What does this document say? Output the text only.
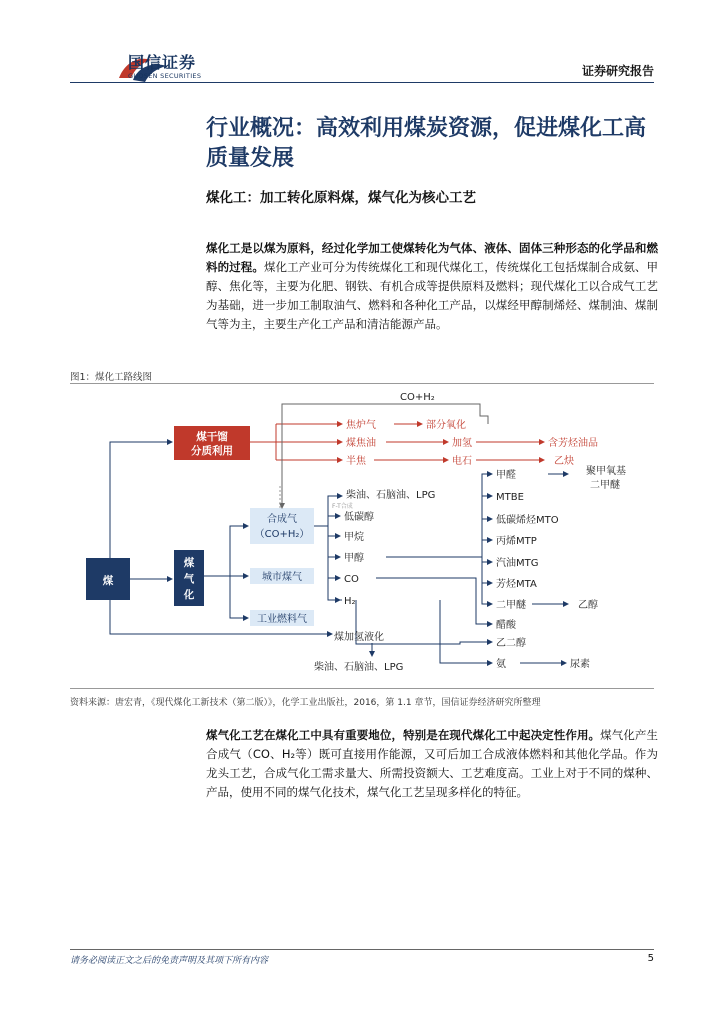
国信证券
GUOSEN SECURITIES	证券研究报告
行业概况：高效利用煤炭资源，促进煤化工高质量发展
煤化工：加工转化原料煤，煤气化为核心工艺
煤化工是以煤为原料，经过化学加工使煤转化为气体、液体、固体三种形态的化学品和燃料的过程。煤化工产业可分为传统煤化工和现代煤化工，传统煤化工包括煤制合成氨、甲醇、焦化等，主要为化肥、钢铁、有机合成等提供原料及燃料；现代煤化工以合成气工艺为基础，进一步加工制取油气、燃料和各种化工产品，以煤经甲醇制烯烃、煤制油、煤制气等为主，主要生产化工产品和清洁能源产品。
图1：煤化工路线图
煤
煤
气
化
煤干馏
分质利用
合成气
（CO+H₂）
城市煤气
工业燃料气
CO+H₂
焦炉气	部分氧化
煤焦油	加氢	含芳烃油品
半焦	电石	乙炔
柴油、石脑油、LPG
F-T合成
低碳醇
甲烷
甲醇
CO
H₂
煤加氢液化
柴油、石脑油、LPG
甲醛	聚甲氧基
二甲醚
MTBE
低碳烯烃MTO
丙烯MTP
汽油MTG
芳烃MTA
二甲醚	乙醇
醋酸
乙二醇
氨	尿素
资料来源：唐宏青，《现代煤化工新技术（第二版）》，化学工业出版社，2016，第 1.1 章节，国信证券经济研究所整理
煤气化工艺在煤化工中具有重要地位，特别是在现代煤化工中起决定性作用。煤气化产生合成气（CO、H₂等）既可直接用作能源，又可后加工合成液体燃料和其他化学品。作为龙头工艺，合成气化工需求量大、所需投资额大、工艺难度高。工业上对于不同的煤种、产品，使用不同的煤气化技术，煤气化工艺呈现多样化的特征。
请务必阅读正文之后的免责声明及其项下所有内容	5
